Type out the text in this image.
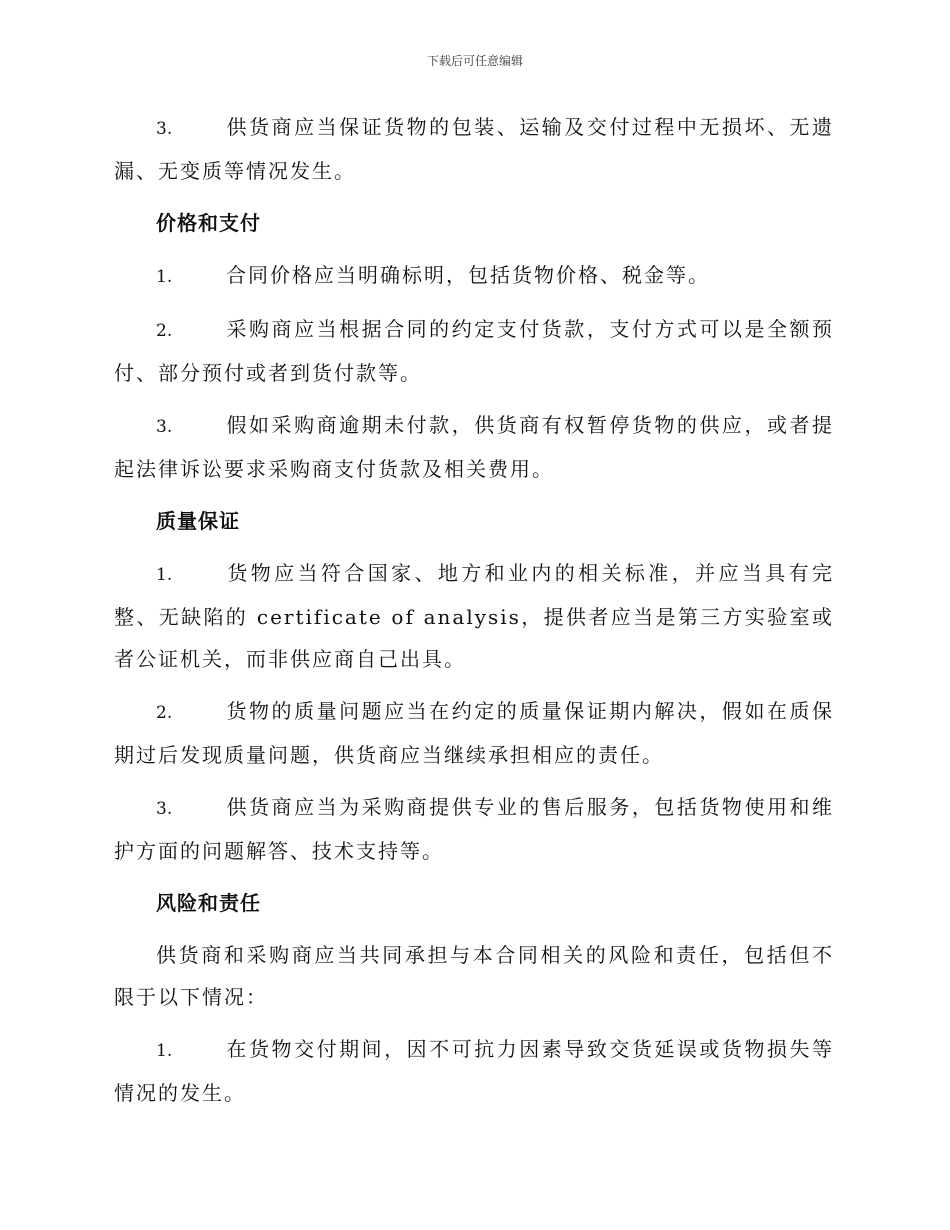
下载后可任意编辑

3.	供货商应当保证货物的包装、运输及交付过程中无损坏、无遗漏、无变质等情况发生。

价格和支付

1.	合同价格应当明确标明，包括货物价格、税金等。

2.	采购商应当根据合同的约定支付货款，支付方式可以是全额预付、部分预付或者到货付款等。

3.	假如采购商逾期未付款，供货商有权暂停货物的供应，或者提起法律诉讼要求采购商支付货款及相关费用。

质量保证

1.	货物应当符合国家、地方和业内的相关标准，并应当具有完整、无缺陷的 certificate of analysis，提供者应当是第三方实验室或者公证机关，而非供应商自己出具。

2.	货物的质量问题应当在约定的质量保证期内解决，假如在质保期过后发现质量问题，供货商应当继续承担相应的责任。

3.	供货商应当为采购商提供专业的售后服务，包括货物使用和维护方面的问题解答、技术支持等。

风险和责任

供货商和采购商应当共同承担与本合同相关的风险和责任，包括但不限于以下情况：

1.	在货物交付期间，因不可抗力因素导致交货延误或货物损失等情况的发生。
